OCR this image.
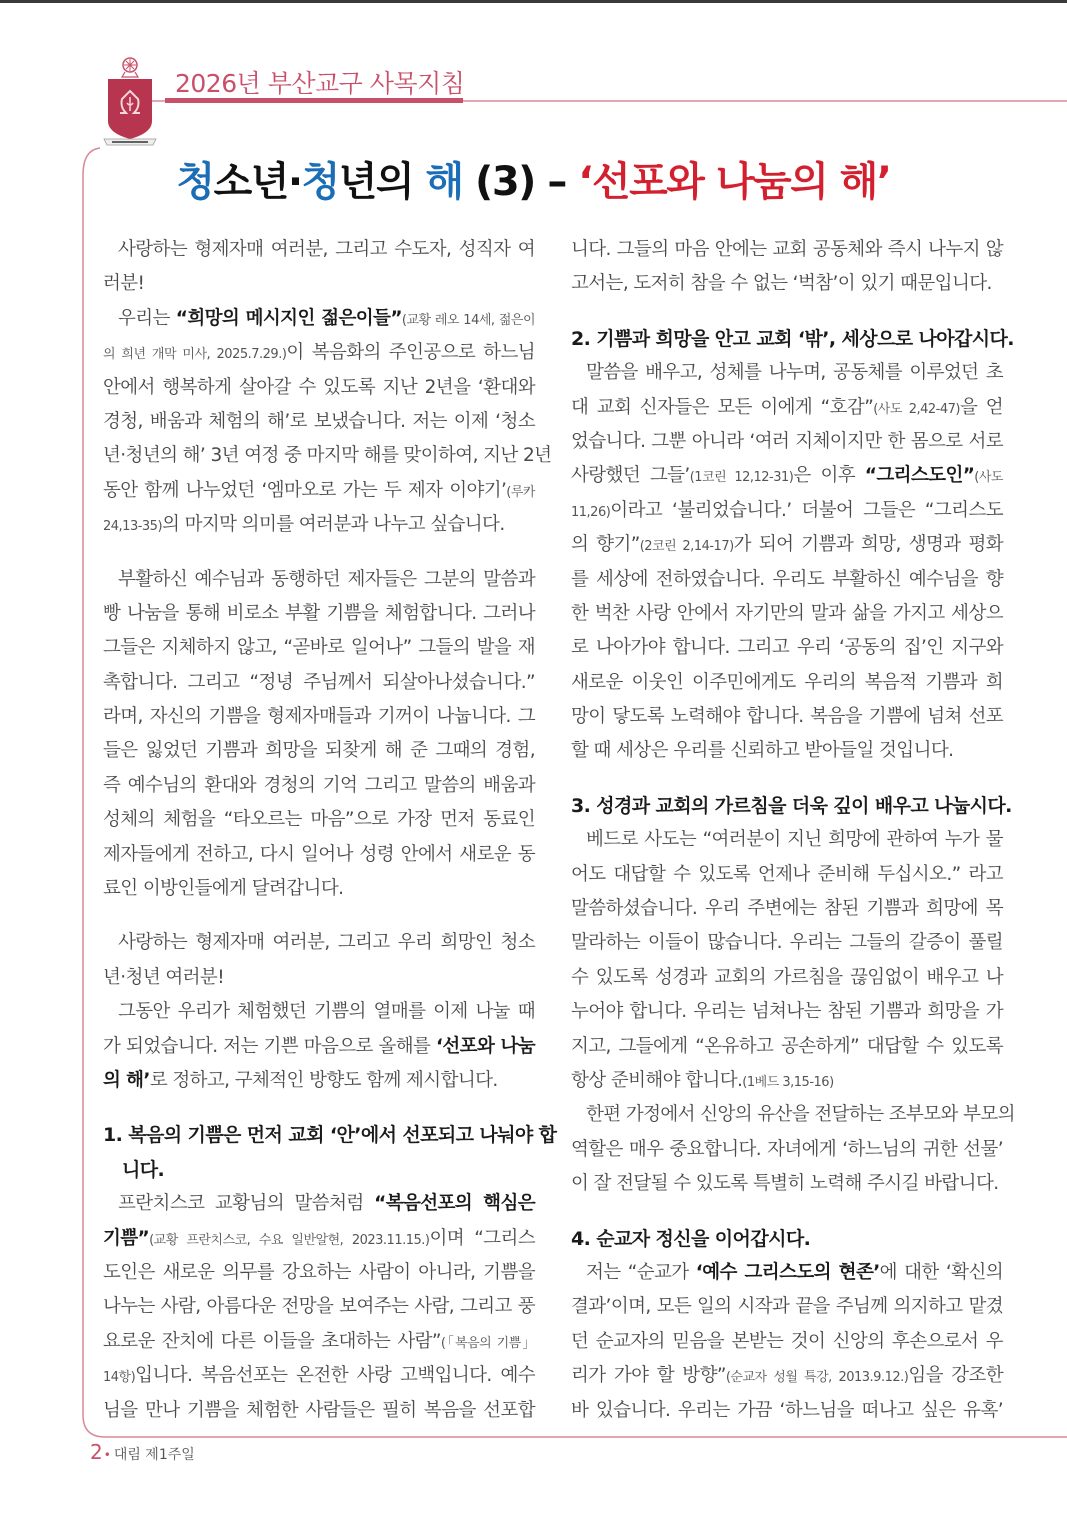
2026년 부산교구 사목지침
청소년·청년의 해 (3) – ‘선포와 나눔의 해’
사랑하는 형제자매 여러분, 그리고 수도자, 성직자 여
러분!
우리는 “희망의 메시지인 젊은이들”(교황 레오 14세, 젊은이
의 희년 개막 미사, 2025.7.29.)이 복음화의 주인공으로 하느님
안에서 행복하게 살아갈 수 있도록 지난 2년을 ‘환대와
경청, 배움과 체험의 해’로 보냈습니다. 저는 이제 ‘청소
년·청년의 해’ 3년 여정 중 마지막 해를 맞이하여, 지난 2년
동안 함께 나누었던 ‘엠마오로 가는 두 제자 이야기’(루카
24,13-35)의 마지막 의미를 여러분과 나누고 싶습니다.
부활하신 예수님과 동행하던 제자들은 그분의 말씀과
빵 나눔을 통해 비로소 부활 기쁨을 체험합니다. 그러나
그들은 지체하지 않고, “곧바로 일어나” 그들의 발을 재
촉합니다. 그리고 “정녕 주님께서 되살아나셨습니다.”
라며, 자신의 기쁨을 형제자매들과 기꺼이 나눕니다. 그
들은 잃었던 기쁨과 희망을 되찾게 해 준 그때의 경험,
즉 예수님의 환대와 경청의 기억 그리고 말씀의 배움과
성체의 체험을 “타오르는 마음”으로 가장 먼저 동료인
제자들에게 전하고, 다시 일어나 성령 안에서 새로운 동
료인 이방인들에게 달려갑니다.
사랑하는 형제자매 여러분, 그리고 우리 희망인 청소
년·청년 여러분!
그동안 우리가 체험했던 기쁨의 열매를 이제 나눌 때
가 되었습니다. 저는 기쁜 마음으로 올해를 ‘선포와 나눔
의 해’로 정하고, 구체적인 방향도 함께 제시합니다.
1. 복음의 기쁨은 먼저 교회 ‘안’에서 선포되고 나눠야 합
니다.
프란치스코 교황님의 말씀처럼 “복음선포의 핵심은
기쁨”(교황 프란치스코, 수요 일반알현, 2023.11.15.)이며 “그리스
도인은 새로운 의무를 강요하는 사람이 아니라, 기쁨을
나누는 사람, 아름다운 전망을 보여주는 사람, 그리고 풍
요로운 잔치에 다른 이들을 초대하는 사람”(「복음의 기쁨」
14항)입니다. 복음선포는 온전한 사랑 고백입니다. 예수
님을 만나 기쁨을 체험한 사람들은 필히 복음을 선포합
니다. 그들의 마음 안에는 교회 공동체와 즉시 나누지 않
고서는, 도저히 참을 수 없는 ‘벅참’이 있기 때문입니다.
2. 기쁨과 희망을 안고 교회 ‘밖’, 세상으로 나아갑시다.
말씀을 배우고, 성체를 나누며, 공동체를 이루었던 초
대 교회 신자들은 모든 이에게 “호감”(사도 2,42-47)을 얻
었습니다. 그뿐 아니라 ‘여러 지체이지만 한 몸으로 서로
사랑했던 그들’(1코린 12,12-31)은 이후 “그리스도인”(사도
11,26)이라고 ‘불리었습니다.’ 더불어 그들은 “그리스도
의 향기”(2코린 2,14-17)가 되어 기쁨과 희망, 생명과 평화
를 세상에 전하였습니다. 우리도 부활하신 예수님을 향
한 벅찬 사랑 안에서 자기만의 말과 삶을 가지고 세상으
로 나아가야 합니다. 그리고 우리 ‘공동의 집’인 지구와
새로운 이웃인 이주민에게도 우리의 복음적 기쁨과 희
망이 닿도록 노력해야 합니다. 복음을 기쁨에 넘쳐 선포
할 때 세상은 우리를 신뢰하고 받아들일 것입니다.
3. 성경과 교회의 가르침을 더욱 깊이 배우고 나눕시다.
베드로 사도는 “여러분이 지닌 희망에 관하여 누가 물
어도 대답할 수 있도록 언제나 준비해 두십시오.” 라고
말씀하셨습니다. 우리 주변에는 참된 기쁨과 희망에 목
말라하는 이들이 많습니다. 우리는 그들의 갈증이 풀릴
수 있도록 성경과 교회의 가르침을 끊임없이 배우고 나
누어야 합니다. 우리는 넘쳐나는 참된 기쁨과 희망을 가
지고, 그들에게 “온유하고 공손하게” 대답할 수 있도록
항상 준비해야 합니다.(1베드 3,15-16)
한편 가정에서 신앙의 유산을 전달하는 조부모와 부모의
역할은 매우 중요합니다. 자녀에게 ‘하느님의 귀한 선물’
이 잘 전달될 수 있도록 특별히 노력해 주시길 바랍니다.
4. 순교자 정신을 이어갑시다.
저는 “순교가 ‘예수 그리스도의 현존’에 대한 ‘확신의
결과’이며, 모든 일의 시작과 끝을 주님께 의지하고 맡겼
던 순교자의 믿음을 본받는 것이 신앙의 후손으로서 우
리가 가야 할 방향”(순교자 성월 특강, 2013.9.12.)임을 강조한
바 있습니다. 우리는 가끔 ‘하느님을 떠나고 싶은 유혹’
2• 대림 제1주일
